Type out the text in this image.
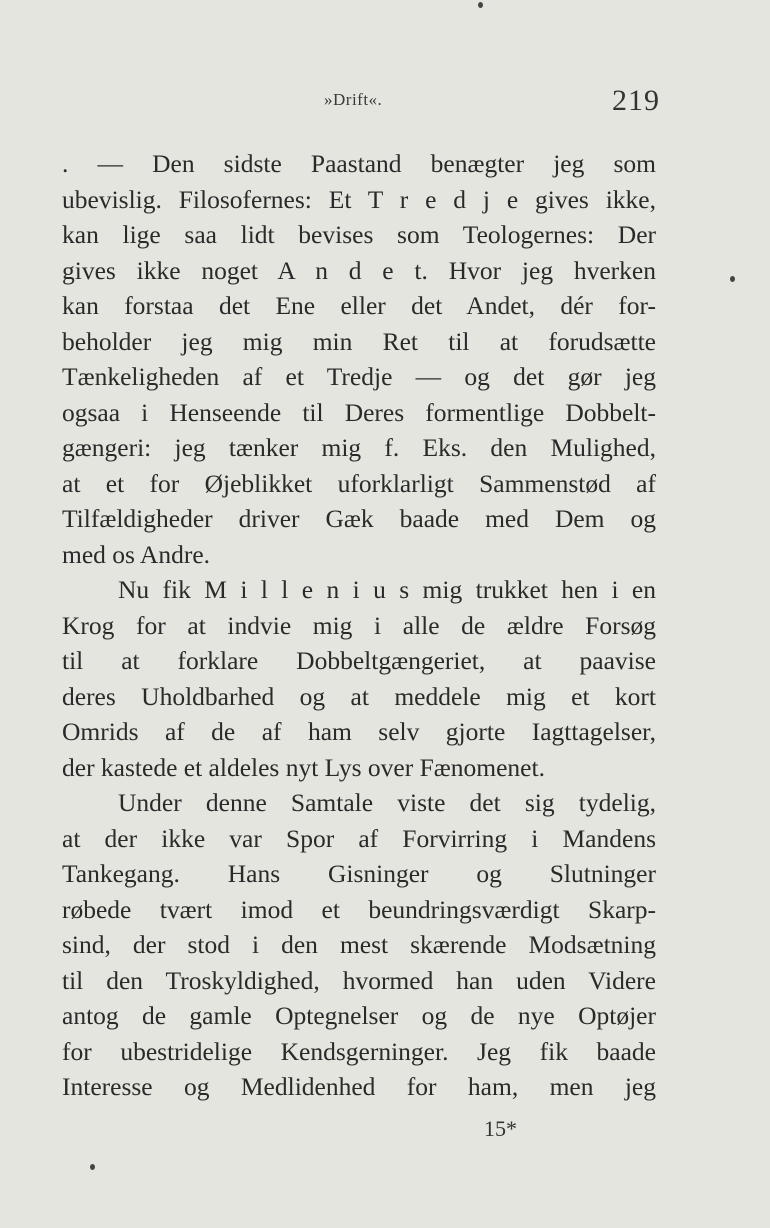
»Drift«.	219
. — Den sidste Paastand benægter jeg som
ubevislig. Filosofernes: Et T r e d j e gives ikke,
kan lige saa lidt bevises som Teologernes: Der
gives ikke noget A n d e t. Hvor jeg hverken
kan forstaa det Ene eller det Andet, dér for-
beholder jeg mig min Ret til at forudsætte
Tænkeligheden af et Tredje — og det gør jeg
ogsaa i Henseende til Deres formentlige Dobbelt-
gængeri: jeg tænker mig f. Eks. den Mulighed,
at et for Øjeblikket uforklarligt Sammenstød af
Tilfældigheder driver Gæk baade med Dem og
med os Andre.
Nu fik M i l l e n i u s mig trukket hen i en
Krog for at indvie mig i alle de ældre Forsøg
til at forklare Dobbeltgængeriet, at paavise
deres Uholdbarhed og at meddele mig et kort
Omrids af de af ham selv gjorte Iagttagelser,
der kastede et aldeles nyt Lys over Fænomenet.
Under denne Samtale viste det sig tydelig,
at der ikke var Spor af Forvirring i Mandens
Tankegang. Hans Gisninger og Slutninger
røbede tvært imod et beundringsværdigt Skarp-
sind, der stod i den mest skærende Modsætning
til den Troskyldighed, hvormed han uden Videre
antog de gamle Optegnelser og de nye Optøjer
for ubestridelige Kendsgerninger. Jeg fik baade
Interesse og Medlidenhed for ham, men jeg
15*
